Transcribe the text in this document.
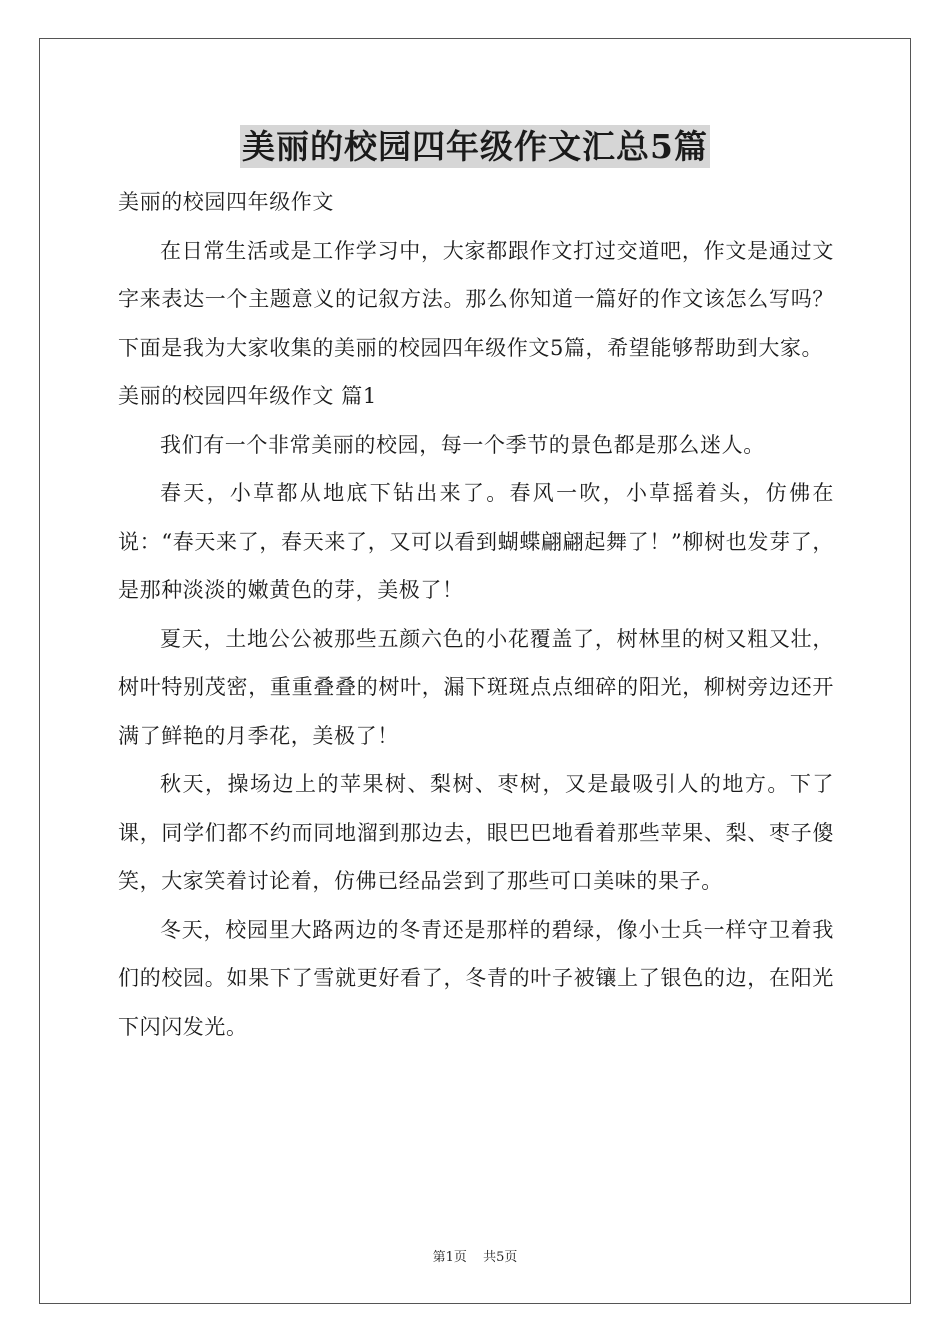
美丽的校园四年级作文汇总5篇

美丽的校园四年级作文

在日常生活或是工作学习中，大家都跟作文打过交道吧，作文是通过文字来表达一个主题意义的记叙方法。那么你知道一篇好的作文该怎么写吗？下面是我为大家收集的美丽的校园四年级作文5篇，希望能够帮助到大家。

美丽的校园四年级作文 篇1

我们有一个非常美丽的校园，每一个季节的景色都是那么迷人。

春天，小草都从地底下钻出来了。春风一吹，小草摇着头，仿佛在说：“春天来了，春天来了，又可以看到蝴蝶翩翩起舞了！”柳树也发芽了，是那种淡淡的嫩黄色的芽，美极了！

夏天，土地公公被那些五颜六色的小花覆盖了，树林里的树又粗又壮，树叶特别茂密，重重叠叠的树叶，漏下斑斑点点细碎的阳光，柳树旁边还开满了鲜艳的月季花，美极了！

秋天，操场边上的苹果树、梨树、枣树，又是最吸引人的地方。下了课，同学们都不约而同地溜到那边去，眼巴巴地看着那些苹果、梨、枣子傻笑，大家笑着讨论着，仿佛已经品尝到了那些可口美味的果子。

冬天，校园里大路两边的冬青还是那样的碧绿，像小士兵一样守卫着我们的校园。如果下了雪就更好看了，冬青的叶子被镶上了银色的边，在阳光下闪闪发光。

第1页 共5页
